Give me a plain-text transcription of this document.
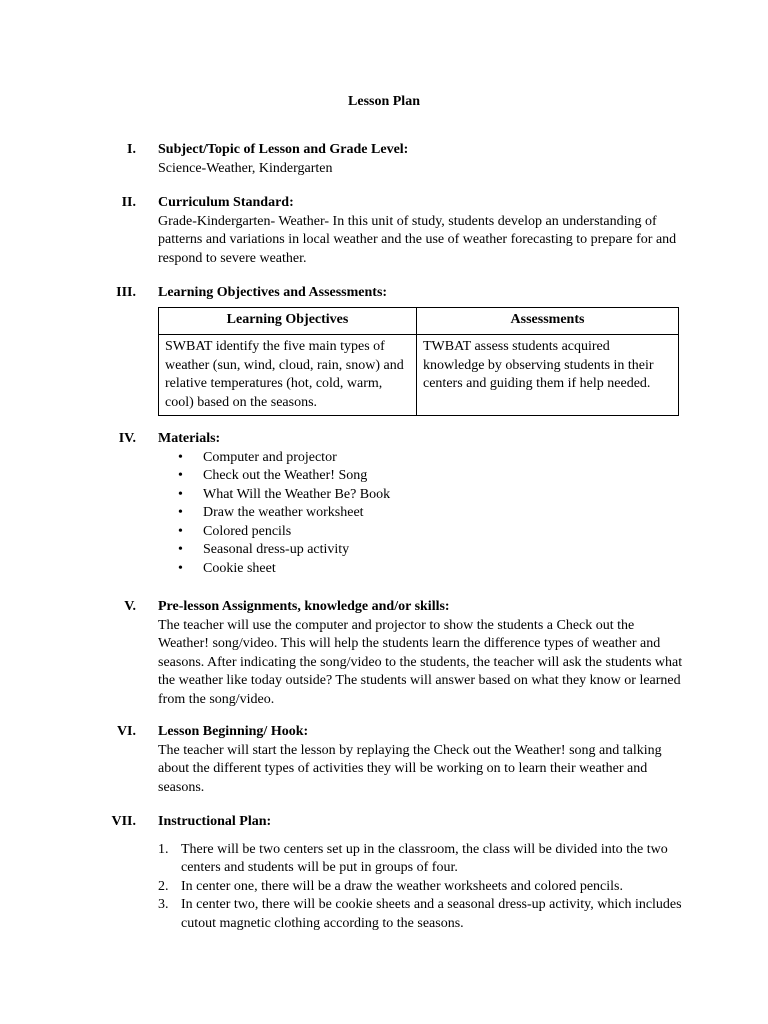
Lesson Plan
I. Subject/Topic of Lesson and Grade Level:

Science-Weather, Kindergarten

II. Curriculum Standard:

Grade-Kindergarten- Weather- In this unit of study, students develop an understanding of patterns and variations in local weather and the use of weather forecasting to prepare for and respond to severe weather.

III. Learning Objectives and Assessments:
Learning Objectives	Assessments
SWBAT identify the five main types of weather (sun, wind, cloud, rain, snow) and relative temperatures (hot, cold, warm, cool) based on the seasons.	TWBAT assess students acquired knowledge by observing students in their centers and guiding them if help needed.
IV. Materials:
• Computer and projector
• Check out the Weather! Song
• What Will the Weather Be? Book
• Draw the weather worksheet
• Colored pencils
• Seasonal dress-up activity
• Cookie sheet
V. Pre-lesson Assignments, knowledge and/or skills:

The teacher will use the computer and projector to show the students a Check out the Weather! song/video. This will help the students learn the difference types of weather and seasons. After indicating the song/video to the students, the teacher will ask the students what the weather like today outside? The students will answer based on what they know or learned from the song/video.

VI. Lesson Beginning/ Hook:

The teacher will start the lesson by replaying the Check out the Weather! song and talking about the different types of activities they will be working on to learn their weather and seasons.

VII. Instructional Plan:
1. There will be two centers set up in the classroom, the class will be divided into the two centers and students will be put in groups of four.
2. In center one, there will be a draw the weather worksheets and colored pencils.
3. In center two, there will be cookie sheets and a seasonal dress-up activity, which includes cutout magnetic clothing according to the seasons.
